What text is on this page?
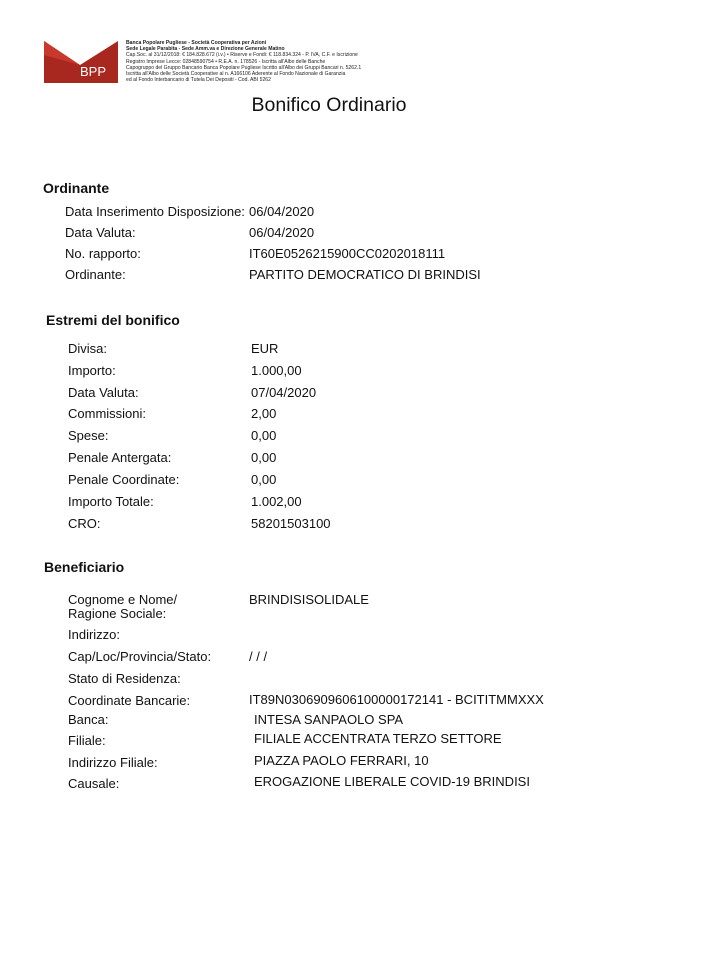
BPP
Banca Popolare Pugliese - Società Cooperativa per Azioni
Sede Legale Parabita - Sede Amm.va e Direzione Generale Matino
Cap.Soc. al 31/12/2018: € 184.828.672 (i.v.) • Riserve e Fondi: € 118.834.324 - P. IVA, C.F. e Iscrizione
Registro Imprese Lecce: 02848590754 • R.E.A. n. 178526 - Iscritta all'Albo delle Banche
Capogruppo del Gruppo Bancario Banca Popolare Pugliese Iscritto all'Albo dei Gruppi Bancari n. 5262.1
Iscritta all'Albo delle Società Cooperative al n. A166106 Aderente al Fondo Nazionale di Garanzia
ed al Fondo Interbancario di Tutela Dei Depositi - Cod. ABI 5262
Bonifico Ordinario
Ordinante
Data Inserimento Disposizione: 06/04/2020
Data Valuta:	06/04/2020
No. rapporto:	IT60E0526215900CC0202018111
Ordinante:	PARTITO DEMOCRATICO DI BRINDISI
Estremi del bonifico
Divisa:	EUR
Importo:	1.000,00
Data Valuta:	07/04/2020
Commissioni:	2,00
Spese:	0,00
Penale Antergata:	0,00
Penale Coordinate:	0,00
Importo Totale:	1.002,00
CRO:	58201503100
Beneficiario
Cognome e Nome/	BRINDISISOLIDALE
Ragione Sociale:
Indirizzo:
Cap/Loc/Provincia/Stato:	/ / /
Stato di Residenza:
Coordinate Bancarie:	IT89N0306909606100000172141 - BCITITMMXXX
Banca:	INTESA SANPAOLO SPA
Filiale:	FILIALE ACCENTRATA TERZO SETTORE
Indirizzo Filiale:	PIAZZA PAOLO FERRARI, 10
Causale:	EROGAZIONE LIBERALE COVID-19 BRINDISI
